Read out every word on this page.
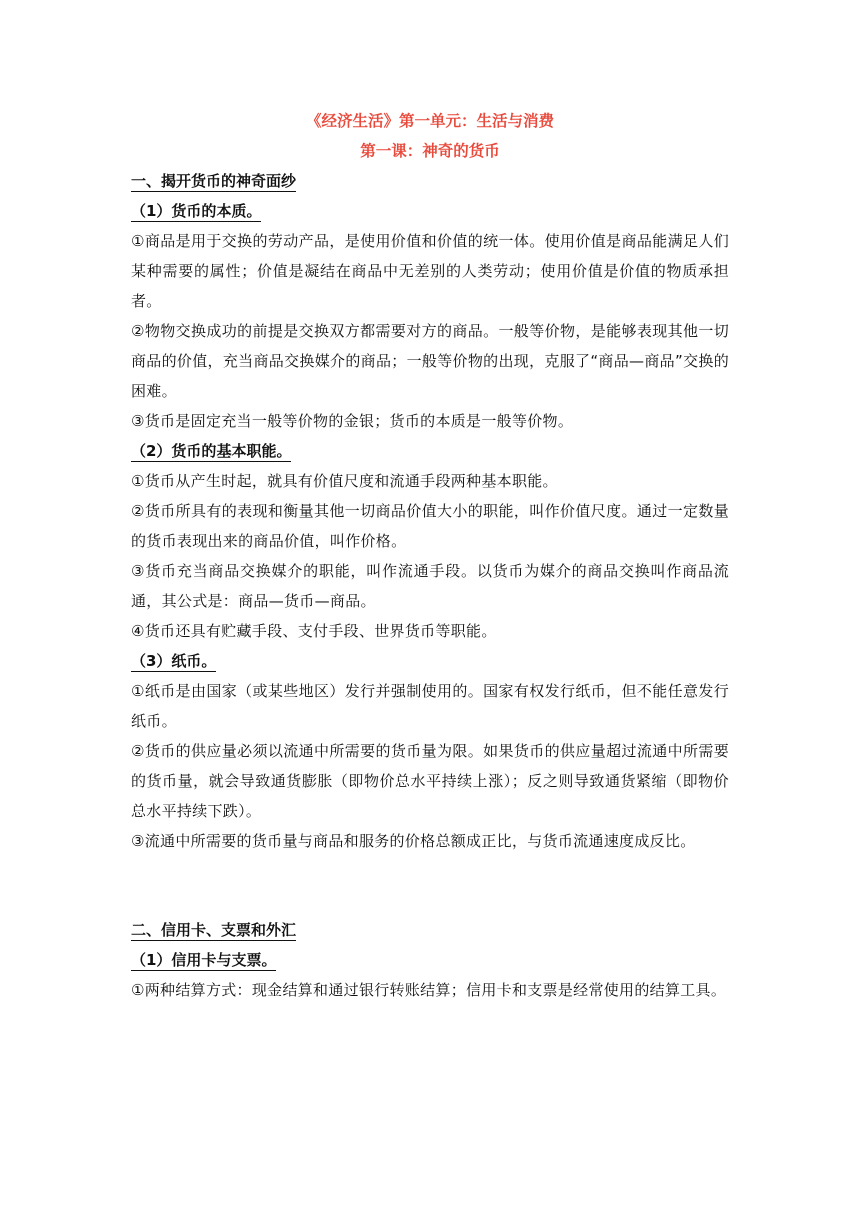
《经济生活》第一单元：生活与消费
第一课：神奇的货币
一、揭开货币的神奇面纱
（1）货币的本质。
①商品是用于交换的劳动产品，是使用价值和价值的统一体。使用价值是商品能满足人们某种需要的属性；价值是凝结在商品中无差别的人类劳动；使用价值是价值的物质承担者。
②物物交换成功的前提是交换双方都需要对方的商品。一般等价物，是能够表现其他一切商品的价值，充当商品交换媒介的商品；一般等价物的出现，克服了“商品—商品”交换的困难。
③货币是固定充当一般等价物的金银；货币的本质是一般等价物。
（2）货币的基本职能。
①货币从产生时起，就具有价值尺度和流通手段两种基本职能。
②货币所具有的表现和衡量其他一切商品价值大小的职能，叫作价值尺度。通过一定数量的货币表现出来的商品价值，叫作价格。
③货币充当商品交换媒介的职能，叫作流通手段。以货币为媒介的商品交换叫作商品流通，其公式是：商品—货币—商品。
④货币还具有贮藏手段、支付手段、世界货币等职能。
（3）纸币。
①纸币是由国家（或某些地区）发行并强制使用的。国家有权发行纸币，但不能任意发行纸币。
②货币的供应量必须以流通中所需要的货币量为限。如果货币的供应量超过流通中所需要的货币量，就会导致通货膨胀（即物价总水平持续上涨）；反之则导致通货紧缩（即物价总水平持续下跌）。
③流通中所需要的货币量与商品和服务的价格总额成正比，与货币流通速度成反比。
二、信用卡、支票和外汇
（1）信用卡与支票。
①两种结算方式：现金结算和通过银行转账结算；信用卡和支票是经常使用的结算工具。
